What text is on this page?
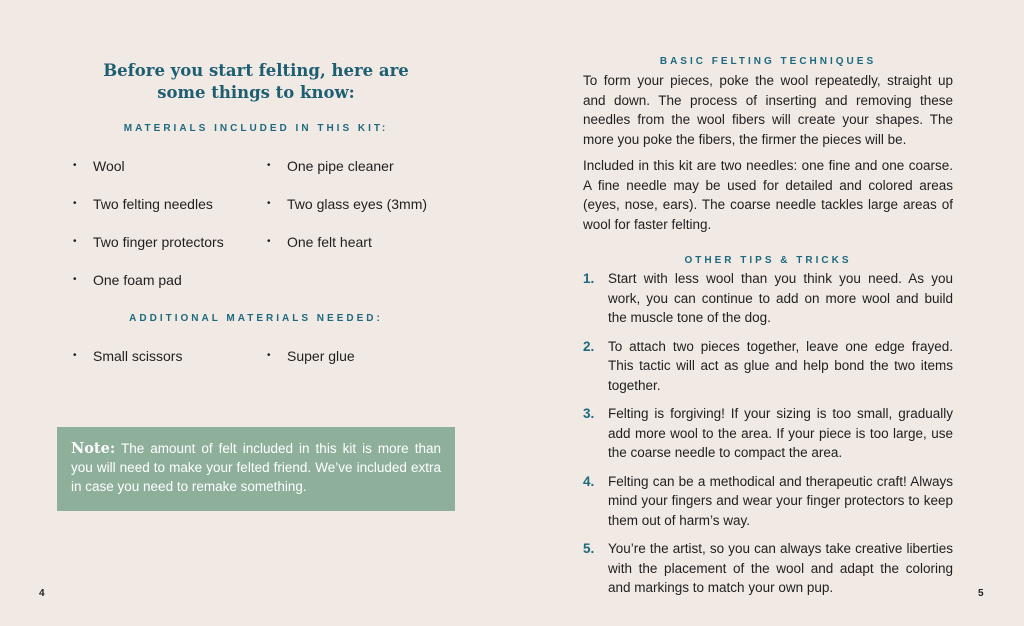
Before you start felting, here are
some things to know:
MATERIALS INCLUDED IN THIS KIT:
• Wool
• Two felting needles
• Two finger protectors
• One foam pad
• One pipe cleaner
• Two glass eyes (3mm)
• One felt heart
ADDITIONAL MATERIALS NEEDED:
• Small scissors	• Super glue
Note: The amount of felt included in this kit is more than you will need to make your felted friend. We’ve included extra in case you need to remake something.
4
BASIC FELTING TECHNIQUES

To form your pieces, poke the wool repeatedly, straight up and down. The process of inserting and removing these needles from the wool fibers will create your shapes. The more you poke the fibers, the firmer the pieces will be.

Included in this kit are two needles: one fine and one coarse. A fine needle may be used for detailed and colored areas (eyes, nose, ears). The coarse needle tackles large areas of wool for faster felting.

OTHER TIPS & TRICKS
1. Start with less wool than you think you need. As you work, you can continue to add on more wool and build the muscle tone of the dog.
2. To attach two pieces together, leave one edge frayed. This tactic will act as glue and help bond the two items together.
3. Felting is forgiving! If your sizing is too small, gradually add more wool to the area. If your piece is too large, use the coarse needle to compact the area.
4. Felting can be a methodical and therapeutic craft! Always mind your fingers and wear your finger protectors to keep them out of harm’s way.
5. You’re the artist, so you can always take creative liberties with the placement of the wool and adapt the coloring and markings to match your own pup.	5
